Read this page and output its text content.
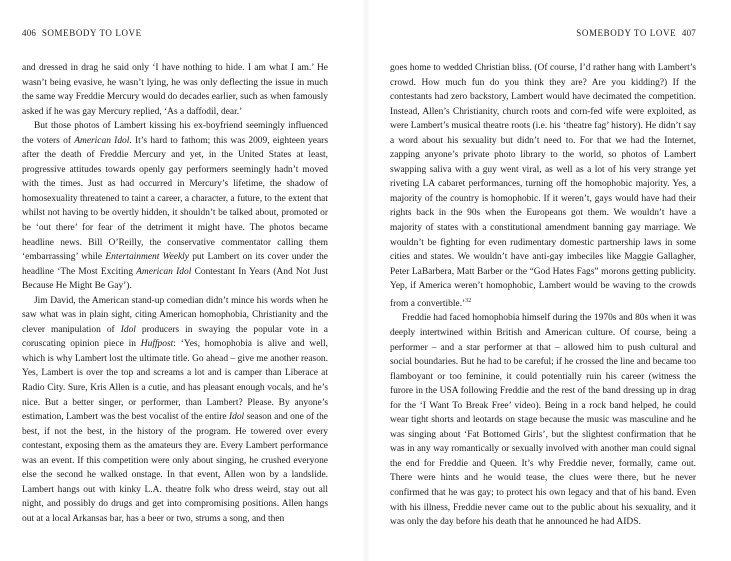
406 SOMEBODY TO LOVE

and dressed in drag he said only ‘I have nothing to hide. I am what I am.’ He wasn’t being evasive, he wasn’t lying, he was only deflecting the issue in much the same way Freddie Mercury would do decades earlier, such as when famously asked if he was gay Mercury replied, ‘As a daffodil, dear.’

But those photos of Lambert kissing his ex-boyfriend seemingly influenced the voters of American Idol. It’s hard to fathom; this was 2009, eighteen years after the death of Freddie Mercury and yet, in the United States at least, progressive attitudes towards openly gay performers seemingly hadn’t moved with the times. Just as had occurred in Mercury’s lifetime, the shadow of homosexuality threatened to taint a career, a character, a future, to the extent that whilst not having to be overtly hidden, it shouldn’t be talked about, promoted or be ‘out there’ for fear of the detriment it might have. The photos became headline news. Bill O’Reilly, the conservative commentator calling them ‘embarrassing’ while Entertainment Weekly put Lambert on its cover under the headline ‘The Most Exciting American Idol Contestant In Years (And Not Just Because He Might Be Gay’).

Jim David, the American stand-up comedian didn’t mince his words when he saw what was in plain sight, citing American homophobia, Christianity and the clever manipulation of Idol producers in swaying the popular vote in a coruscating opinion piece in Huffpost: ‘Yes, homophobia is alive and well, which is why Lambert lost the ultimate title. Go ahead – give me another reason. Yes, Lambert is over the top and screams a lot and is camper than Liberace at Radio City. Sure, Kris Allen is a cutie, and has pleasant enough vocals, and he’s nice. But a better singer, or performer, than Lambert? Please. By anyone’s estimation, Lambert was the best vocalist of the entire Idol season and one of the best, if not the best, in the history of the program. He towered over every contestant, exposing them as the amateurs they are. Every Lambert performance was an event. If this competition were only about singing, he crushed everyone else the second he walked onstage. In that event, Allen won by a landslide. Lambert hangs out with kinky L.A. theatre folk who dress weird, stay out all night, and possibly do drugs and get into compromising positions. Allen hangs out at a local Arkansas bar, has a beer or two, strums a song, and then

SOMEBODY TO LOVE 407

goes home to wedded Christian bliss. (Of course, I’d rather hang with Lambert’s crowd. How much fun do you think they are? Are you kidding?) If the contestants had zero backstory, Lambert would have decimated the competition. Instead, Allen’s Christianity, church roots and corn-fed wife were exploited, as were Lambert’s musical theatre roots (i.e. his ‘theatre fag’ history). He didn’t say a word about his sexuality but didn’t need to. For that we had the Internet, zapping anyone’s private photo library to the world, so photos of Lambert swapping saliva with a guy went viral, as well as a lot of his very strange yet riveting LA cabaret performances, turning off the homophobic majority. Yes, a majority of the country is homophobic. If it weren’t, gays would have had their rights back in the 90s when the Europeans got them. We wouldn’t have a majority of states with a constitutional amendment banning gay marriage. We wouldn’t be fighting for even rudimentary domestic partnership laws in some cities and states. We wouldn’t have anti-gay imbeciles like Maggie Gallagher, Peter LaBarbera, Matt Barber or the “God Hates Fags” morons getting publicity. Yep, if America weren’t homophobic, Lambert would be waving to the crowds from a convertible.’$^{32}$

Freddie had faced homophobia himself during the 1970s and 80s when it was deeply intertwined within British and American culture. Of course, being a performer – and a star performer at that – allowed him to push cultural and social boundaries. But he had to be careful; if he crossed the line and became too flamboyant or too feminine, it could potentially ruin his career (witness the furore in the USA following Freddie and the rest of the band dressing up in drag for the ‘I Want To Break Free’ video). Being in a rock band helped, he could wear tight shorts and leotards on stage because the music was masculine and he was singing about ‘Fat Bottomed Girls’, but the slightest confirmation that he was in any way romantically or sexually involved with another man could signal the end for Freddie and Queen. It’s why Freddie never, formally, came out. There were hints and he would tease, the clues were there, but he never confirmed that he was gay; to protect his own legacy and that of his band. Even with his illness, Freddie never came out to the public about his sexuality, and it was only the day before his death that he announced he had AIDS.
